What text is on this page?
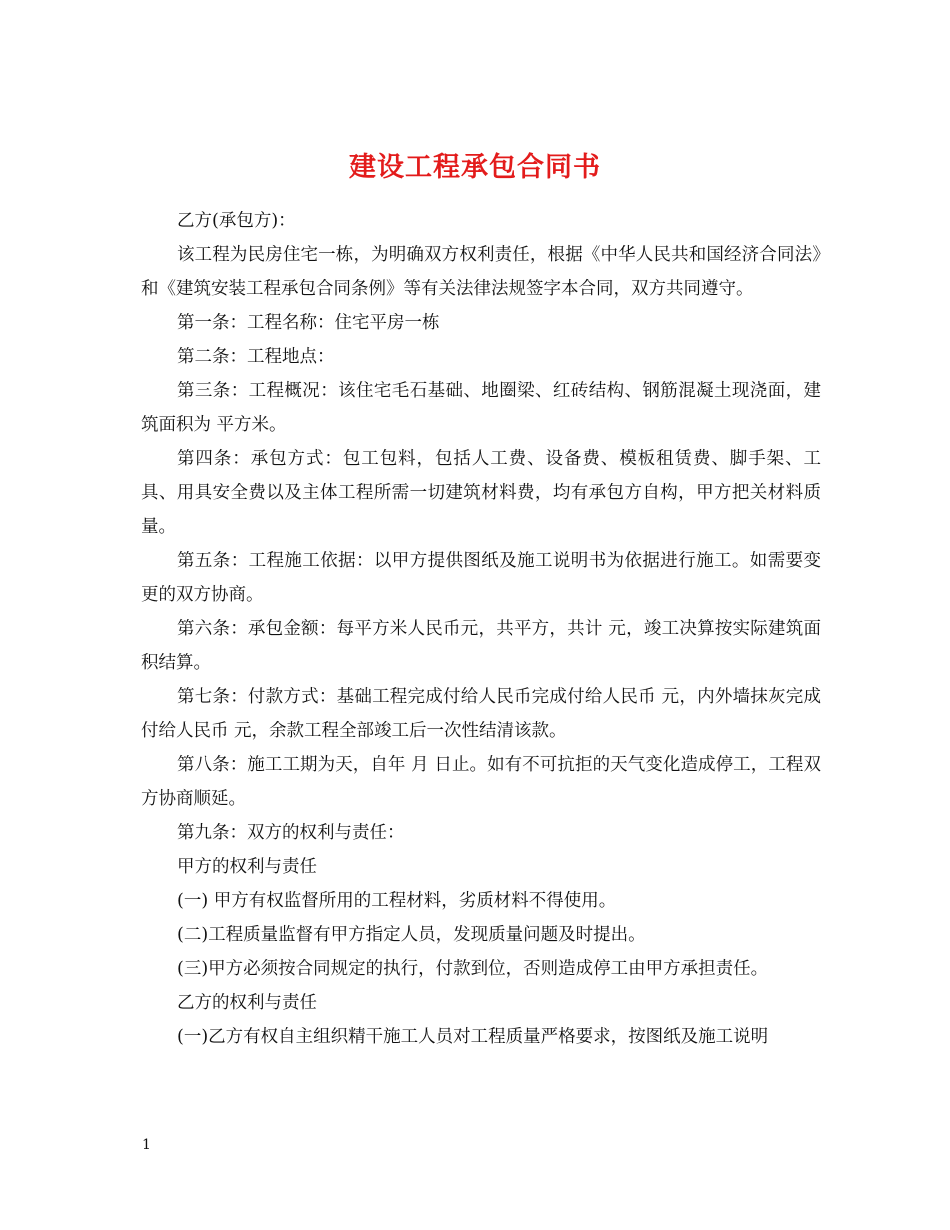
建设工程承包合同书

乙方(承包方)：

该工程为民房住宅一栋，为明确双方权利责任，根据《中华人民共和国经济合同法》和《建筑安装工程承包合同条例》等有关法律法规签字本合同，双方共同遵守。

第一条：工程名称：住宅平房一栋

第二条：工程地点：

第三条：工程概况：该住宅毛石基础、地圈梁、红砖结构、钢筋混凝土现浇面，建筑面积为 平方米。

第四条：承包方式：包工包料，包括人工费、设备费、模板租赁费、脚手架、工具、用具安全费以及主体工程所需一切建筑材料费，均有承包方自构，甲方把关材料质量。

第五条：工程施工依据：以甲方提供图纸及施工说明书为依据进行施工。如需要变更的双方协商。

第六条：承包金额：每平方米人民币元，共平方，共计 元，竣工决算按实际建筑面积结算。

第七条：付款方式：基础工程完成付给人民币完成付给人民币 元，内外墙抹灰完成付给人民币 元，余款工程全部竣工后一次性结清该款。

第八条：施工工期为天，自年 月 日止。如有不可抗拒的天气变化造成停工，工程双方协商顺延。

第九条：双方的权利与责任：

甲方的权利与责任

(一) 甲方有权监督所用的工程材料，劣质材料不得使用。

(二)工程质量监督有甲方指定人员，发现质量问题及时提出。

(三)甲方必须按合同规定的执行，付款到位，否则造成停工由甲方承担责任。

乙方的权利与责任

(一)乙方有权自主组织精干施工人员对工程质量严格要求，按图纸及施工说明

1
